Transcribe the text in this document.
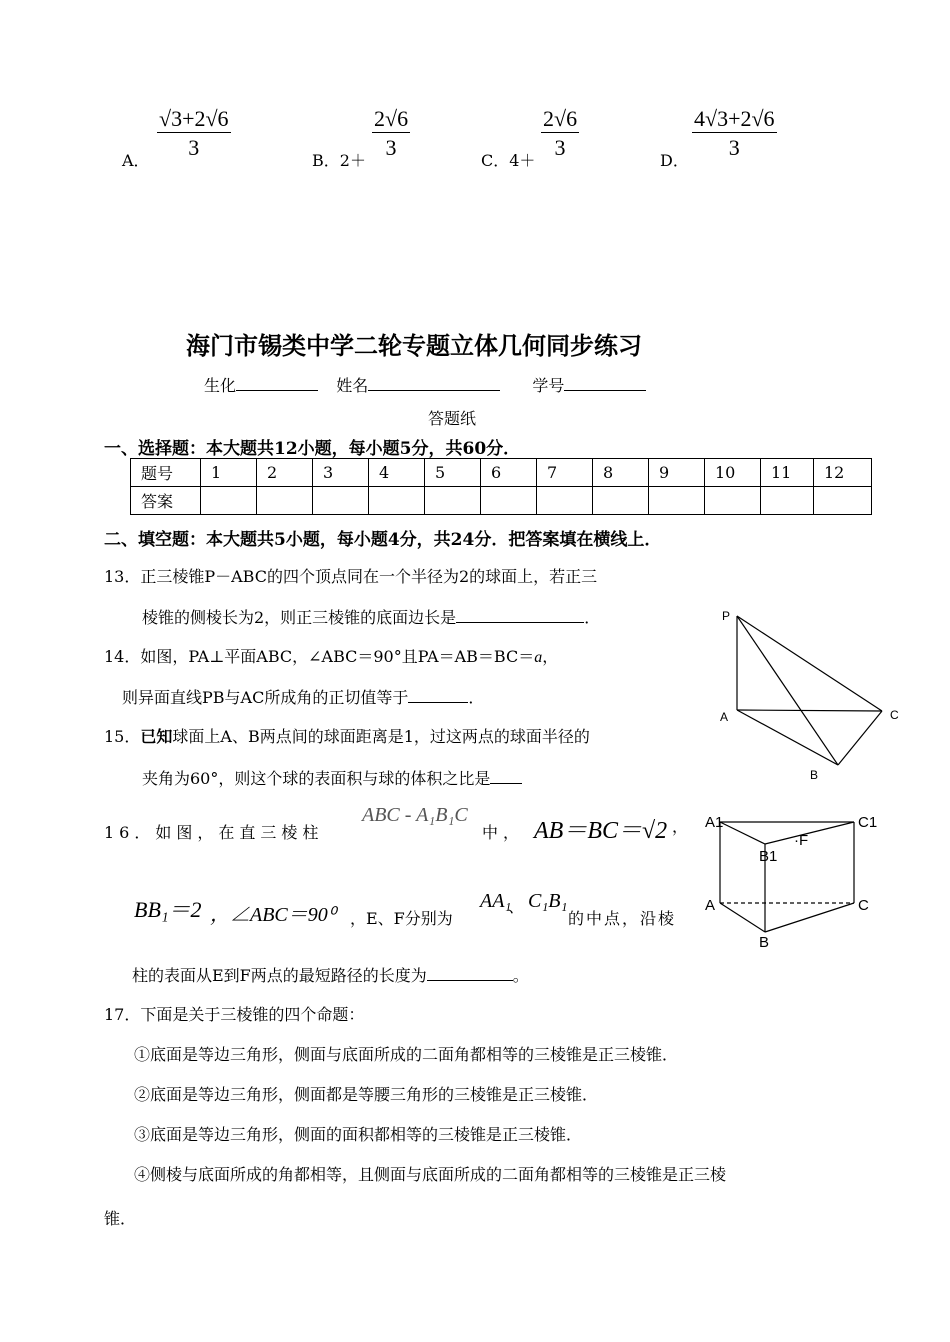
A．
$\frac{√3+2√6}{3}$
B．2＋
$\frac{2√6}{3}$
C．4＋
$\frac{2√6}{3}$
D．
$\frac{4√3+2√6}{3}$
海门市锡类中学二轮专题立体几何同步练习
生化	姓名	学号
答题纸
一、选择题：本大题共12小题，每小题5分，共60分．
题号	1	2	3	4	5	6	7	8	9	10	11	12
答案												
二、填空题：本大题共5小题，每小题4分，共24分．把答案填在横线上．
13．正三棱锥P－ABC的四个顶点同在一个半径为2的球面上，若正三
棱锥的侧棱长为2，则正三棱锥的底面边长是	．
14．如图，PA⊥平面ABC，∠ABC＝90°且PA＝AB＝BC＝a，
则异面直线PB与AC所成角的正切值等于	．
15．已知球面上A、B两点间的球面距离是1，过这两点的球面半径的
夹角为60°，则这个球的表面积与球的体积之比是
16．如图，在直三棱柱
ABC - A₁B₁C
中， AB＝BC＝√2 ，
BB₁＝2 ，∠ABC＝90⁰ ，E、F分别为
AA₁
、 C₁B₁
的中点，沿棱
柱的表面从E到F两点的最短路径的长度为	。
17．下面是关于三棱锥的四个命题：
①底面是等边三角形，侧面与底面所成的二面角都相等的三棱锥是正三棱锥．
②底面是等边三角形，侧面都是等腰三角形的三棱锥是正三棱锥．
③底面是等边三角形，侧面的面积都相等的三棱锥是正三棱锥．
④侧棱与底面所成的角都相等，且侧面与底面所成的二面角都相等的三棱锥是正三棱
锥．
P
A	C
B
A1	C1
B1
·F
A	C
B
